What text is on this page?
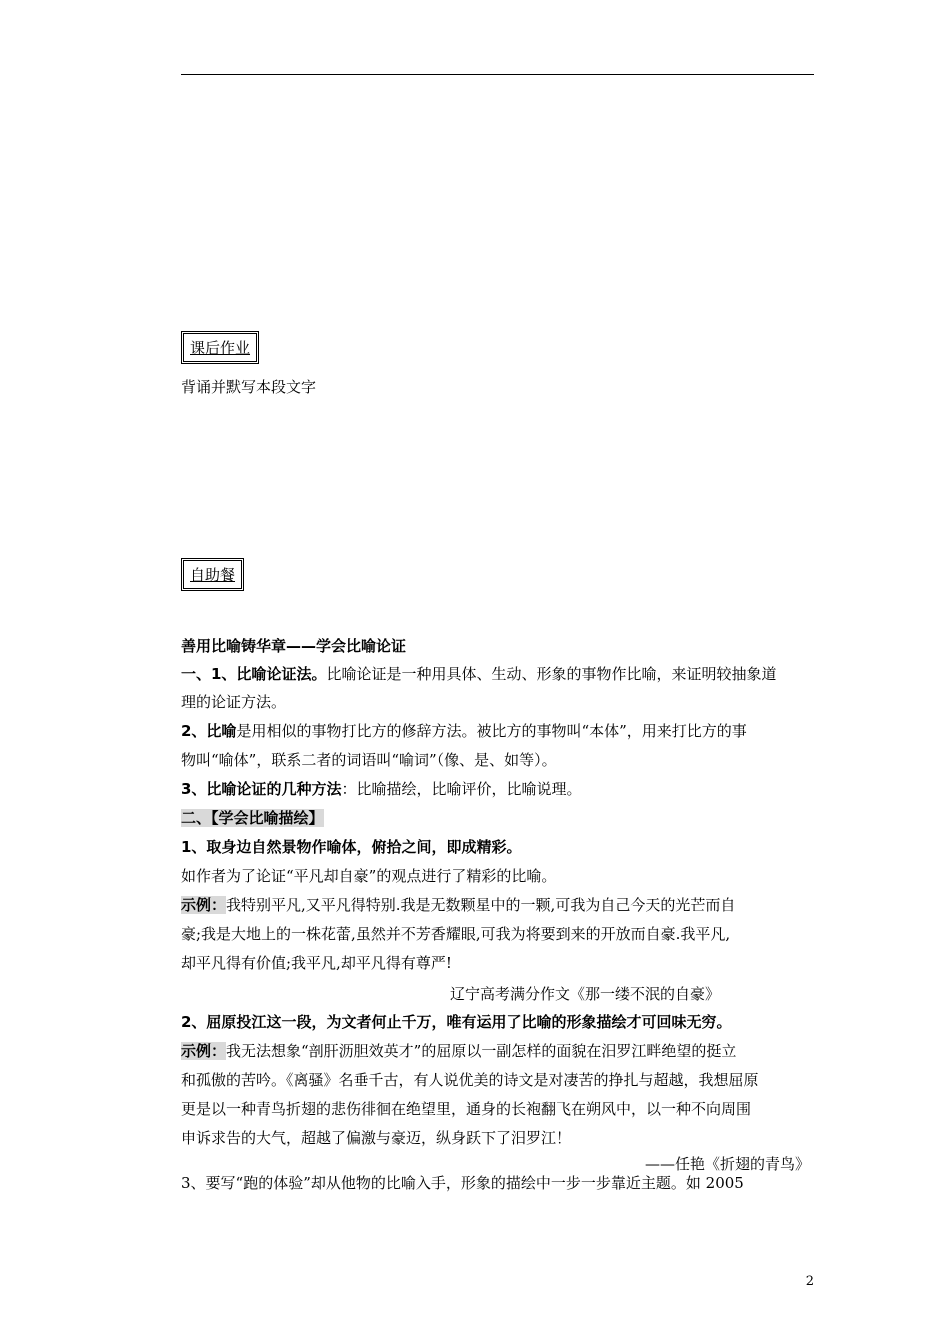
课后作业
背诵并默写本段文字
自助餐
善用比喻铸华章——学会比喻论证
一、1、比喻论证法。比喻论证是一种用具体、生动、形象的事物作比喻，来证明较抽象道
理的论证方法。
2、比喻是用相似的事物打比方的修辞方法。被比方的事物叫“本体”，用来打比方的事
物叫“喻体”，联系二者的词语叫“喻词”（像、是、如等）。
3、比喻论证的几种方法：比喻描绘，比喻评价，比喻说理。
二、【学会比喻描绘】
1、取身边自然景物作喻体，俯拾之间，即成精彩。
如作者为了论证“平凡却自豪”的观点进行了精彩的比喻。
示例：我特别平凡,又平凡得特别.我是无数颗星中的一颗,可我为自己今天的光芒而自
豪;我是大地上的一株花蕾,虽然并不芳香耀眼,可我为将要到来的开放而自豪.我平凡,
却平凡得有价值;我平凡,却平凡得有尊严!
辽宁高考满分作文《那一缕不泯的自豪》
2、屈原投江这一段，为文者何止千万，唯有运用了比喻的形象描绘才可回味无穷。
示例：我无法想象“剖肝沥胆效英才”的屈原以一副怎样的面貌在汨罗江畔绝望的挺立
和孤傲的苦吟。《离骚》名垂千古，有人说优美的诗文是对凄苦的挣扎与超越，我想屈原
更是以一种青鸟折翅的悲伤徘徊在绝望里，通身的长袍翻飞在朔风中，以一种不向周围
申诉求告的大气，超越了偏激与豪迈，纵身跃下了汨罗江！
——任艳《折翅的青鸟》
3、要写“跑的体验”却从他物的比喻入手，形象的描绘中一步一步靠近主题。如 2005
2
